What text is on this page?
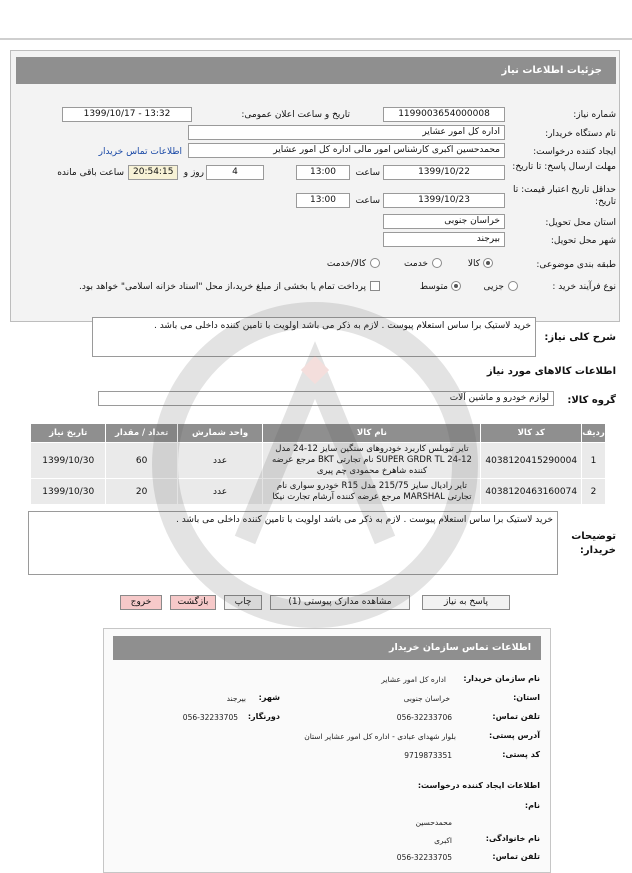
جزئیات اطلاعات نیاز
شماره نیاز:
1199003654000008
تاریخ و ساعت اعلان عمومی:
1399/10/17 - 13:32
نام دستگاه خریدار:
اداره کل امور عشایر
ایجاد کننده درخواست:
محمدحسین اکبری کارشناس امور مالی اداره کل امور عشایر
اطلاعات تماس خریدار
مهلت ارسال پاسخ: تا تاریخ:
1399/10/22
ساعت
13:00
4
روز و
20:54:15
ساعت باقی مانده
حداقل تاریخ اعتبار قیمت: تا تاریخ:
1399/10/23
ساعت
13:00
استان محل تحویل:
خراسان جنوبی
شهر محل تحویل:
بیرجند
طبقه بندی موضوعی:
کالا
خدمت
کالا/خدمت
نوع فرآیند خرید :
جزیی
متوسط
پرداخت تمام یا بخشی از مبلغ خرید،از محل "اسناد خزانه اسلامی" خواهد بود.
شرح کلی نیاز:
خرید لاستیک برا ساس استعلام پیوست . لازم به ذکر می باشد اولویت با تامین کننده داخلی می باشد .
اطلاعات کالاهای مورد نیاز
گروه کالا:
لوازم خودرو و ماشین آلات
ردیف	کد کالا	نام کالا	واحد شمارش	تعداد / مقدار	تاریخ نیاز
1	4038120415290004	تایر تیوبلس کاربرد خودروهای سنگین سایز 12-24 مدل SUPER GRDR TL 24-12 نام تجارتی BKT مرجع عرضه کننده شاهرخ محمودی چم پیری	عدد	60	1399/10/30
2	4038120463160074	تایر رادیال سایز 215/75 مدل R15 خودرو سواری نام تجارتی MARSHAL مرجع عرضه کننده آرشام تجارت نیکا	عدد	20	1399/10/30
توضیحات خریدار:
خرید لاستیک برا ساس استعلام پیوست . لازم به ذکر می باشد اولویت با تامین کننده داخلی می باشد .
پاسخ به نیاز
مشاهده مدارک پیوستی (1)
چاپ
بازگشت
خروج
اطلاعات تماس سازمان خریدار
نام سازمان خریدار:
اداره کل امور عشایر
استان:
خراسان جنوبی
شهر:
بیرجند
تلفن تماس:
056-32233706
دورنگار:
056-32233705
آدرس پستی:
بلوار شهدای عبادی - اداره کل امور عشایر استان
کد پستی:
9719873351
اطلاعات ایجاد کننده درخواست:
نام:
محمدحسین
نام خانوادگی:
اکبری
تلفن تماس:
056-32233705
